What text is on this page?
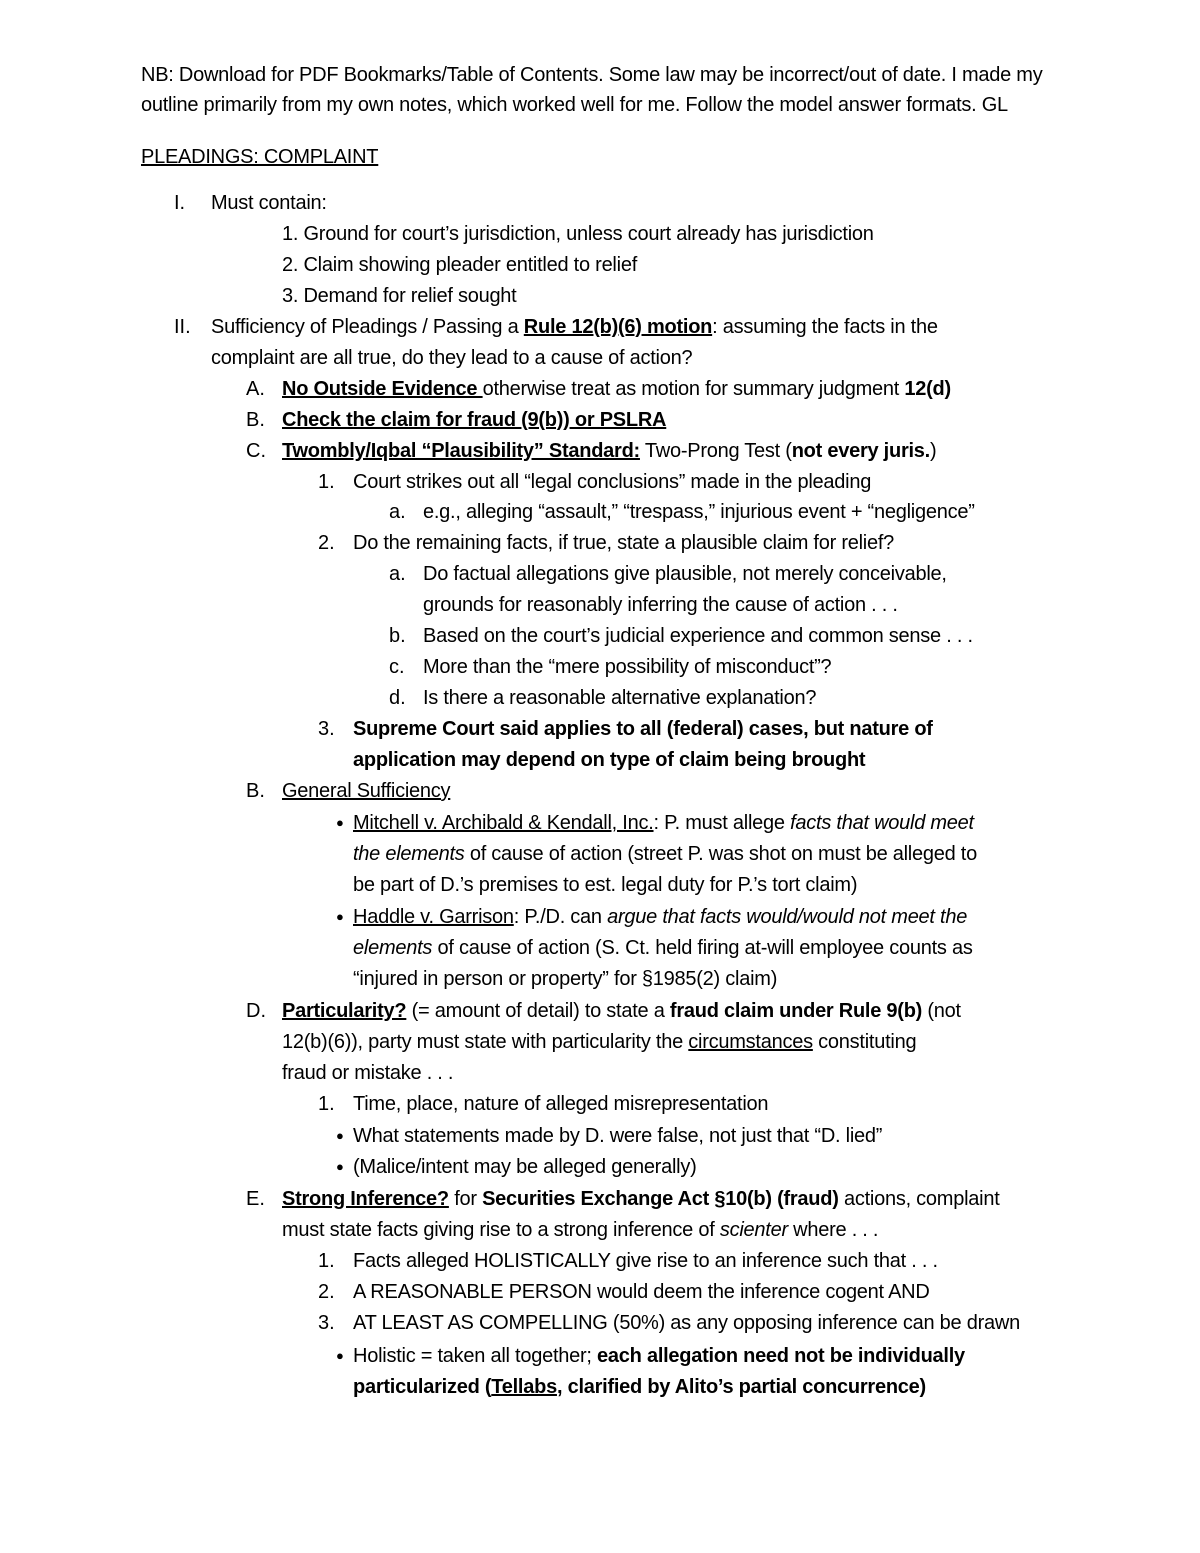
NB: Download for PDF Bookmarks/Table of Contents. Some law may be incorrect/out of date. I made my
outline primarily from my own notes, which worked well for me. Follow the model answer formats. GL
PLEADINGS: COMPLAINT
I. Must contain:
1. Ground for court’s jurisdiction, unless court already has jurisdiction
2. Claim showing pleader entitled to relief
3. Demand for relief sought
II. Sufficiency of Pleadings / Passing a Rule 12(b)(6) motion: assuming the facts in the
complaint are all true, do they lead to a cause of action?
A. No Outside Evidence otherwise treat as motion for summary judgment 12(d)
B. Check the claim for fraud (9(b)) or PSLRA
C. Twombly/Iqbal “Plausibility” Standard: Two-Prong Test (not every juris.)
1. Court strikes out all “legal conclusions” made in the pleading
a. e.g., alleging “assault,” “trespass,” injurious event + “negligence”
2. Do the remaining facts, if true, state a plausible claim for relief?
a. Do factual allegations give plausible, not merely conceivable,
grounds for reasonably inferring the cause of action . . .
b. Based on the court’s judicial experience and common sense . . .
c. More than the “mere possibility of misconduct”?
d. Is there a reasonable alternative explanation?
3. Supreme Court said applies to all (federal) cases, but nature of
application may depend on type of claim being brought
B. General Sufficiency
● Mitchell v. Archibald & Kendall, Inc.: P. must allege facts that would meet
the elements of cause of action (street P. was shot on must be alleged to
be part of D.’s premises to est. legal duty for P.’s tort claim)
● Haddle v. Garrison: P./D. can argue that facts would/would not meet the
elements of cause of action (S. Ct. held firing at-will employee counts as
“injured in person or property” for §1985(2) claim)
D. Particularity? (= amount of detail) to state a fraud claim under Rule 9(b) (not
12(b)(6)), party must state with particularity the circumstances constituting
fraud or mistake . . .
1. Time, place, nature of alleged misrepresentation
● What statements made by D. were false, not just that “D. lied”
● (Malice/intent may be alleged generally)
E. Strong Inference? for Securities Exchange Act §10(b) (fraud) actions, complaint
must state facts giving rise to a strong inference of scienter where . . .
1. Facts alleged HOLISTICALLY give rise to an inference such that . . .
2. A REASONABLE PERSON would deem the inference cogent AND
3. AT LEAST AS COMPELLING (50%) as any opposing inference can be drawn
● Holistic = taken all together; each allegation need not be individually
particularized (Tellabs, clarified by Alito’s partial concurrence)
